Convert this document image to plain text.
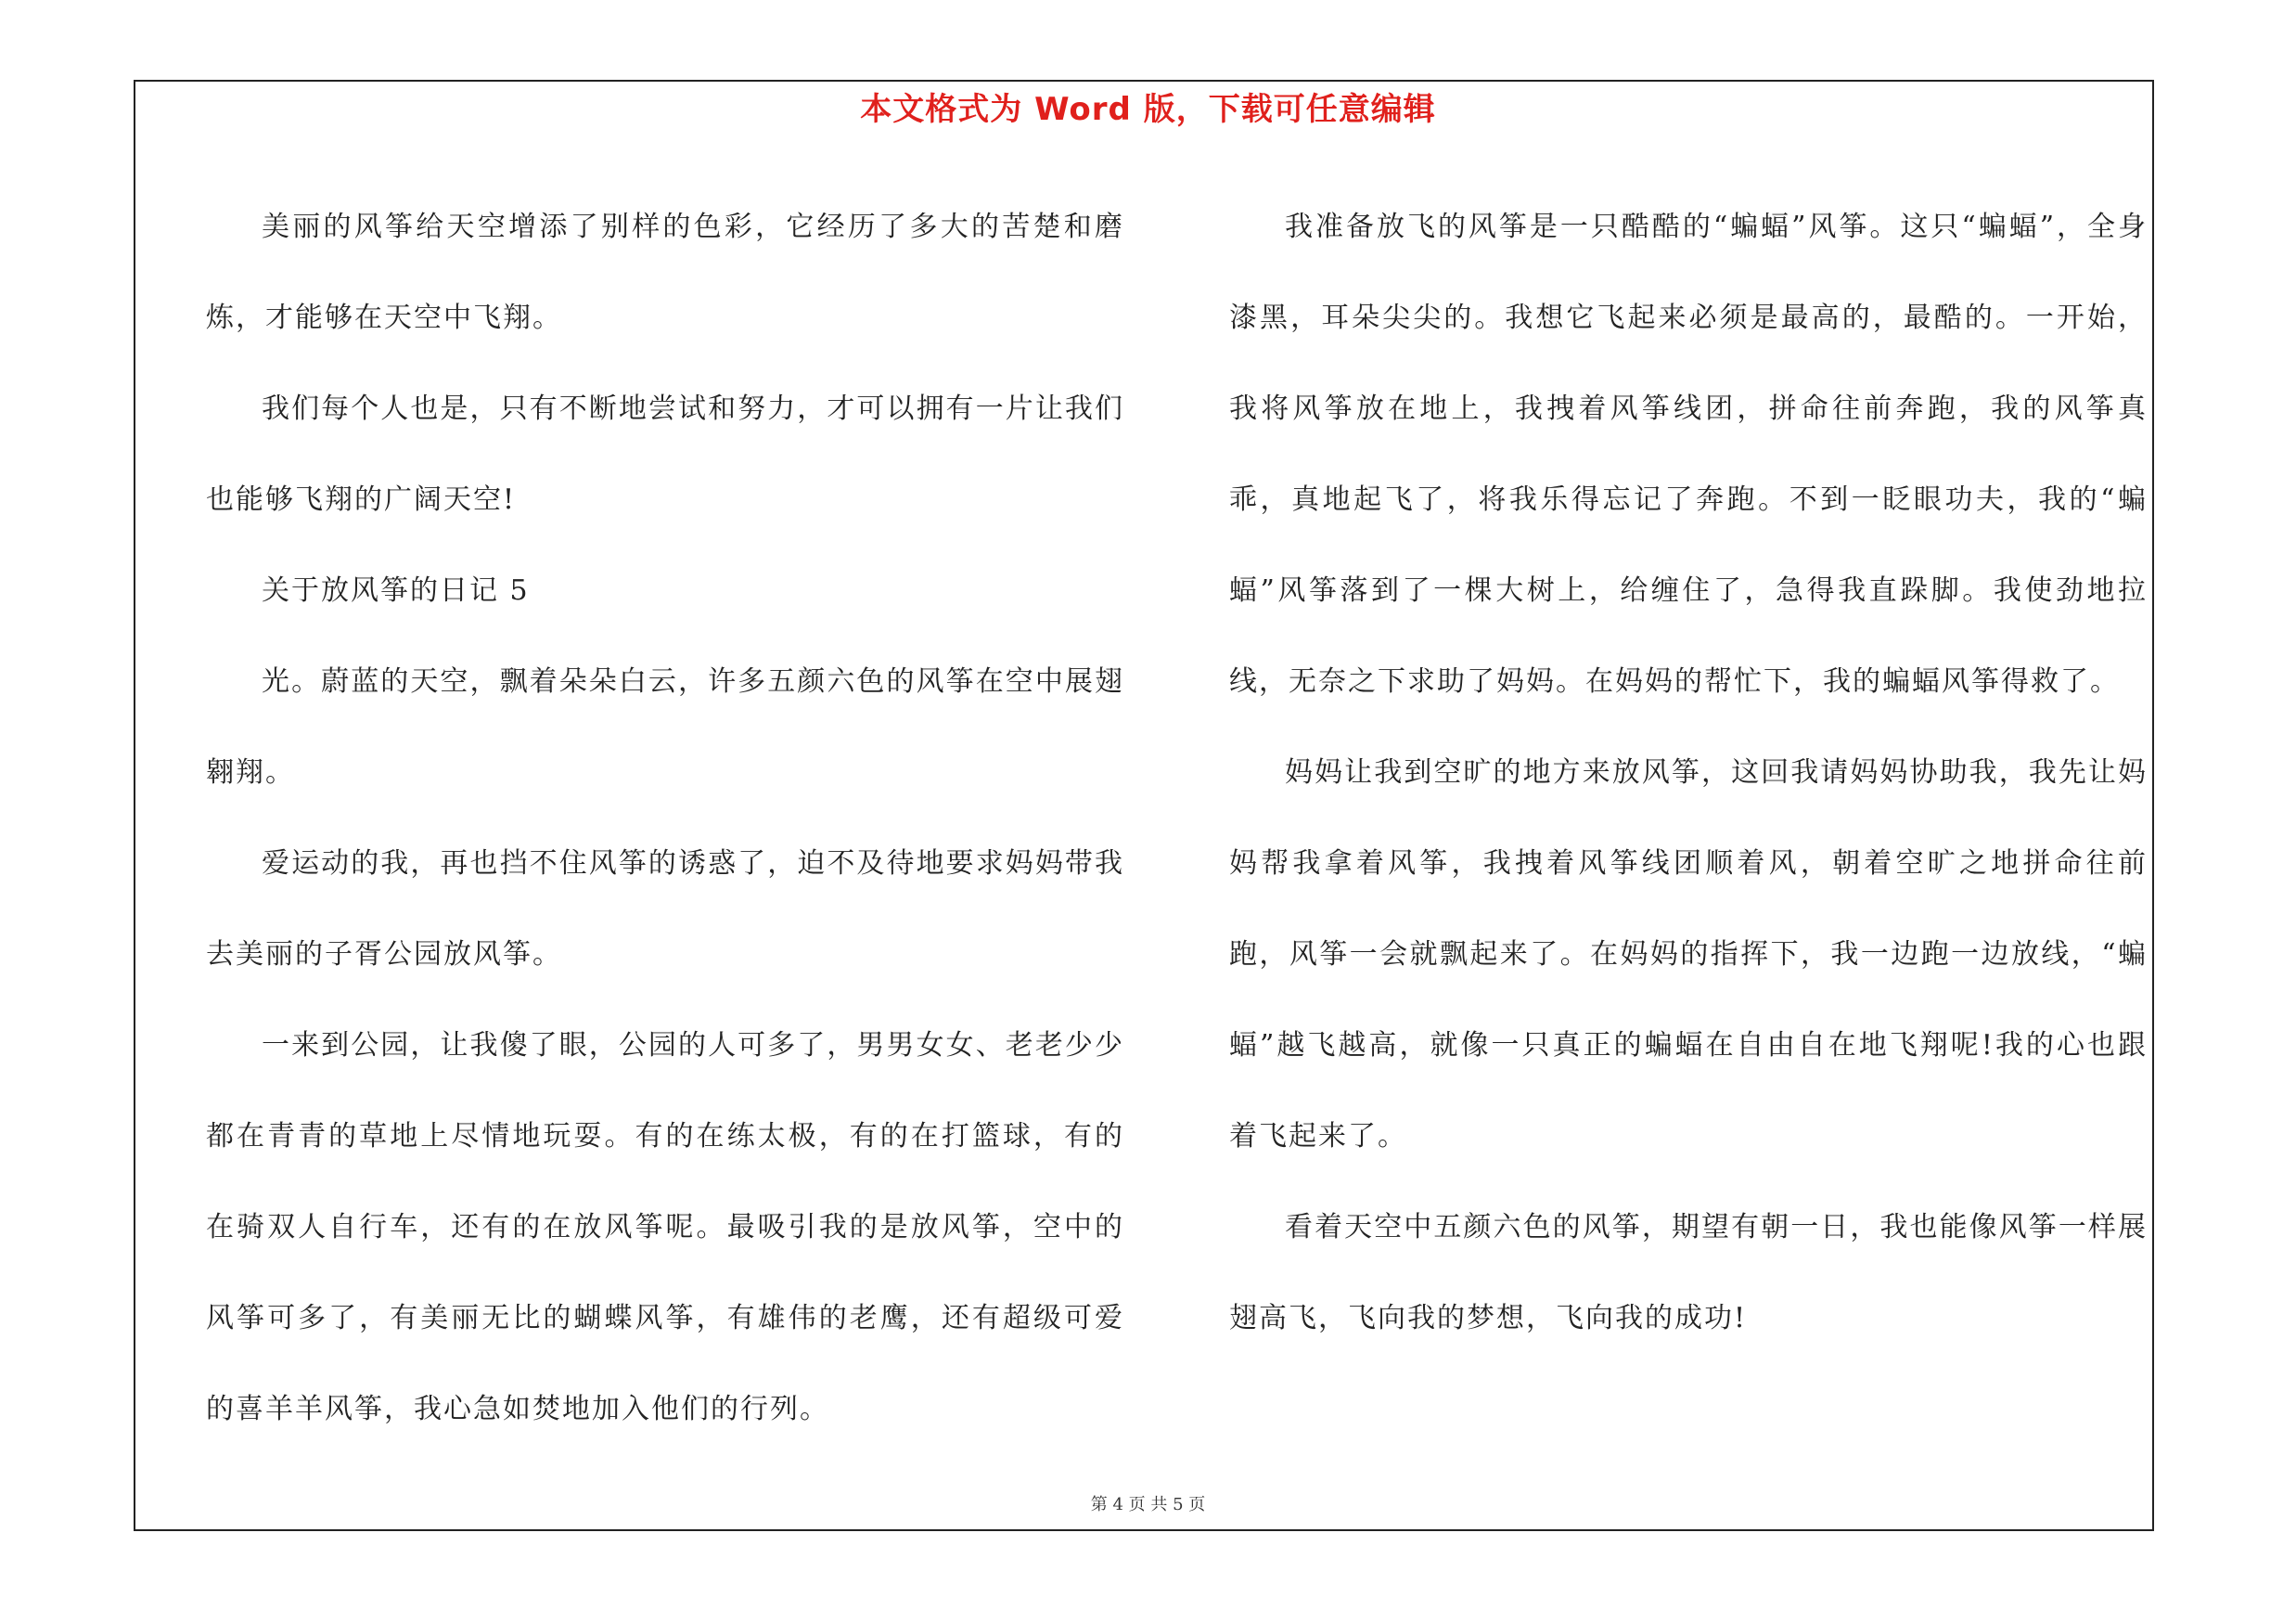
本文格式为 Word 版，下载可任意编辑

美丽的风筝给天空增添了别样的色彩，它经历了多大的苦楚和磨炼，才能够在天空中飞翔。

我们每个人也是，只有不断地尝试和努力，才可以拥有一片让我们也能够飞翔的广阔天空!

关于放风筝的日记 5

光。蔚蓝的天空，飘着朵朵白云，许多五颜六色的风筝在空中展翅翱翔。

爱运动的我，再也挡不住风筝的诱惑了，迫不及待地要求妈妈带我去美丽的子胥公园放风筝。

一来到公园，让我傻了眼，公园的人可多了，男男女女、老老少少都在青青的草地上尽情地玩耍。有的在练太极，有的在打篮球，有的在骑双人自行车，还有的在放风筝呢。最吸引我的是放风筝，空中的风筝可多了，有美丽无比的蝴蝶风筝，有雄伟的老鹰，还有超级可爱的喜羊羊风筝，我心急如焚地加入他们的行列。

我准备放飞的风筝是一只酷酷的“蝙蝠”风筝。这只“蝙蝠”，全身漆黑，耳朵尖尖的。我想它飞起来必须是最高的，最酷的。一开始，我将风筝放在地上，我拽着风筝线团，拼命往前奔跑，我的风筝真乖，真地起飞了，将我乐得忘记了奔跑。不到一眨眼功夫，我的“蝙蝠”风筝落到了一棵大树上，给缠住了，急得我直跺脚。我使劲地拉线，无奈之下求助了妈妈。在妈妈的帮忙下，我的蝙蝠风筝得救了。

妈妈让我到空旷的地方来放风筝，这回我请妈妈协助我，我先让妈妈帮我拿着风筝，我拽着风筝线团顺着风，朝着空旷之地拼命往前跑，风筝一会就飘起来了。在妈妈的指挥下，我一边跑一边放线，“蝙蝠”越飞越高，就像一只真正的蝙蝠在自由自在地飞翔呢!我的心也跟着飞起来了。

看着天空中五颜六色的风筝，期望有朝一日，我也能像风筝一样展翅高飞，飞向我的梦想，飞向我的成功!

第 4 页 共 5 页
